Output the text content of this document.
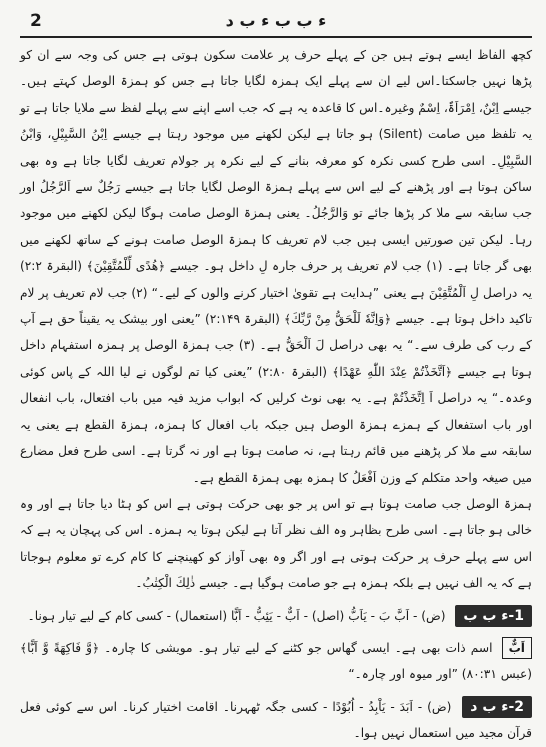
2	ء ب ب ء ب د

کچھ الفاظ ایسے ہوتے ہیں جن کے پہلے حرف پر علامت سکون ہوتی ہے جس کی وجہ سے ان کو پڑھا نہیں جاسکتا۔اس لیے ان سے پہلے ایک ہمزہ لگایا جاتا ہے جس کو ہمزۃ الوصل کہتے ہیں۔ جیسے اِبْنٌ، اِمْرَاَۃٌ، اِسْمٌ وغیرہ۔اس کا قاعدہ یہ ہے کہ جب اسے اپنے سے پہلے لفظ سے ملایا جاتا ہے تو یہ تلفظ میں صامت (Silent) ہو جاتا ہے لیکن لکھنے میں موجود رہتا ہے جیسے اِبْنُ السَّبِیْلِ، وَابْنُ السَّبِیْلِ۔ اسی طرح کسی نکرہ کو معرفہ بنانے کے لیے نکرہ پر جولام تعریف لگایا جاتا ہے وہ بھی ساکن ہوتا ہے اور پڑھنے کے لیے اس سے پہلے ہمزۃ الوصل لگایا جاتا ہے جیسے رَجُلٌ سے اَلرَّجُلُ اور جب سابقہ سے ملا کر پڑھا جائے تو وَالرَّجُلُ۔ یعنی ہمزۃ الوصل صامت ہوگا لیکن لکھنے میں موجود رہا۔ لیکن تین صورتیں ایسی ہیں جب لام تعریف کا ہمزۃ الوصل صامت ہونے کے ساتھ لکھنے میں بھی گر جاتا ہے۔ (۱) جب لام تعریف پر حرف جارہ لِ داخل ہو۔ جیسے ﴿هُدًى لِّلْمُتَّقِيْنَ﴾ (البقرۃ ۲:۲) یہ دراصل لِ اَلْمُتَّقِيْنَ ہے یعنی ”ہدایت ہے تقویٰ اختیار کرنے والوں کے لیے۔“ (۲) جب لام تعریف پر لام تاکید داخل ہوتا ہے۔ جیسے ﴿وَاِنَّهٗ لَلْحَقُّ مِنْ رَّبِّكَ﴾ (البقرۃ ۲:۱۴۹) ”یعنی اور بیشک یہ یقیناً حق ہے آپ کے رب کی طرف سے۔“ یہ بھی دراصل لَ اَلْحَقُّ ہے۔ (۳) جب ہمزۃ الوصل پر ہمزہ استفہام داخل ہوتا ہے جیسے ﴿اَتَّخَذْتُمْ عِنْدَ اللّٰهِ عَهْدًا﴾ (البقرۃ ۲:۸۰) ”یعنی کیا تم لوگوں نے لیا اللہ کے پاس کوئی وعدہ۔“ یہ دراصل اَ اِتَّخَذْتُمْ ہے۔ یہ بھی نوٹ کرلیں کہ ابواب مزید فیہ میں باب افتعال، باب انفعال اور باب استفعال کے ہمزے ہمزۃ الوصل ہیں جبکہ باب افعال کا ہمزہ، ہمزۃ القطع ہے یعنی یہ سابقہ سے ملا کر پڑھنے میں قائم رہتا ہے، نہ صامت ہوتا ہے اور نہ گرتا ہے۔ اسی طرح فعل مضارع میں صیغہ واحد متکلم کے وزن اَفْعَلُ کا ہمزہ بھی ہمزۃ القطع ہے۔

ہمزۃ الوصل جب صامت ہوتا ہے تو اس پر جو بھی حرکت ہوتی ہے اس کو ہٹا دیا جاتا ہے اور وہ خالی ہو جاتا ہے۔ اسی طرح بظاہر وہ الف نظر آتا ہے لیکن ہوتا یہ ہمزہ۔ اس کی پہچان یہ ہے کہ اس سے پہلے حرف پر حرکت ہوتی ہے اور اگر وہ بھی آواز کو کھینچنے کا کام کرے تو معلوم ہوجاتا ہے کہ یہ الف نہیں ہے بلکہ ہمزہ ہے جو صامت ہوگیا ہے۔ جیسے ذٰلِكَ الْكِتٰبُ۔

1-ء ب ب (ض) - اَبَّ بَ - يَاَبُّ (اصل) - اَبٌّ - يَئِبُّ - اَبًّا (استعمال) - کسی کام کے لیے تیار ہونا۔
اَبٌّ اسم ذات بھی ہے۔ ایسی گھاس جو کٹنے کے لیے تیار ہو۔ مویشی کا چارہ۔ ﴿وَّ فَاكِهَةً وَّ اَبًّا﴾ (عبس ۸۰:۳۱) ”اور میوہ اور چارہ۔“
2-ء ب د (ض) - اَبَدَ - يَاْبِدُ - اُبُوْدًا - کسی جگہ ٹھہرنا۔ اقامت اختیار کرنا۔ اس سے کوئی فعل قرآن مجید میں استعمال نہیں ہوا۔
